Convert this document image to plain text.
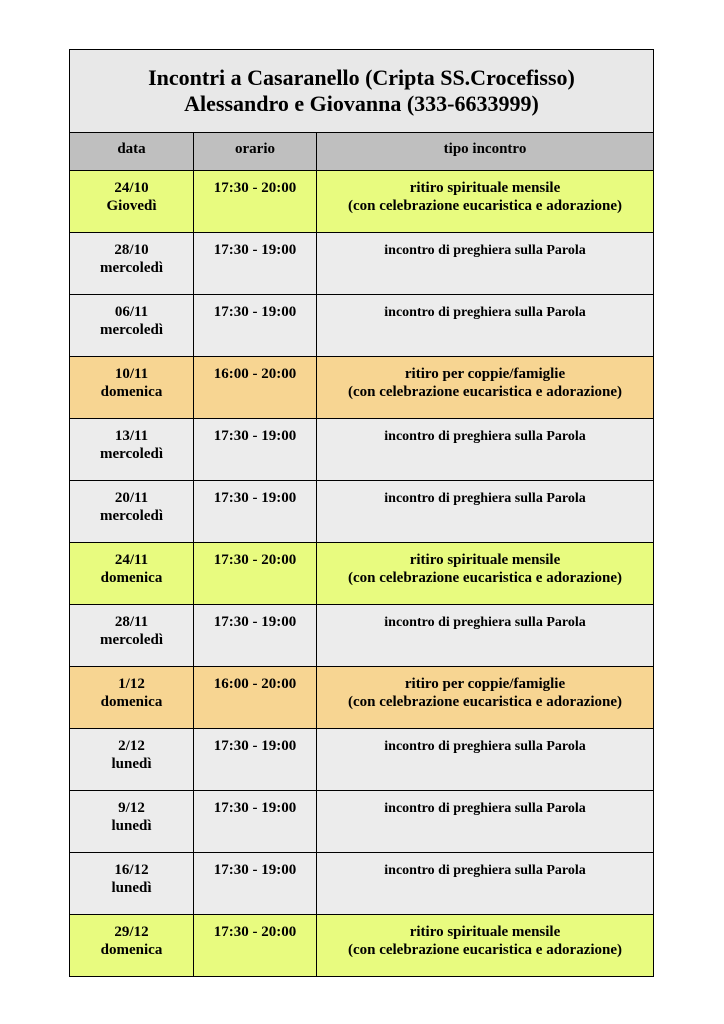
Incontri a Casaranello (Cripta SS.Crocefisso)
Alessandro e Giovanna (333-6633999)
data	orario	tipo incontro
24/10
Giovedì
17:30 - 20:00	ritiro spirituale mensile
(con celebrazione eucaristica e adorazione)
28/10
mercoledì
17:30 - 19:00	incontro di preghiera sulla Parola
06/11
mercoledì
17:30 - 19:00	incontro di preghiera sulla Parola
10/11
domenica
16:00 - 20:00	ritiro per coppie/famiglie
(con celebrazione eucaristica e adorazione)
13/11
mercoledì
17:30 - 19:00	incontro di preghiera sulla Parola
20/11
mercoledì
17:30 - 19:00	incontro di preghiera sulla Parola
24/11
domenica
17:30 - 20:00	ritiro spirituale mensile
(con celebrazione eucaristica e adorazione)
28/11
mercoledì
17:30 - 19:00	incontro di preghiera sulla Parola
1/12
domenica
16:00 - 20:00	ritiro per coppie/famiglie
(con celebrazione eucaristica e adorazione)
2/12
lunedì
17:30 - 19:00	incontro di preghiera sulla Parola
9/12
lunedì
17:30 - 19:00	incontro di preghiera sulla Parola
16/12
lunedì
17:30 - 19:00	incontro di preghiera sulla Parola
29/12
domenica
17:30 - 20:00	ritiro spirituale mensile
(con celebrazione eucaristica e adorazione)
